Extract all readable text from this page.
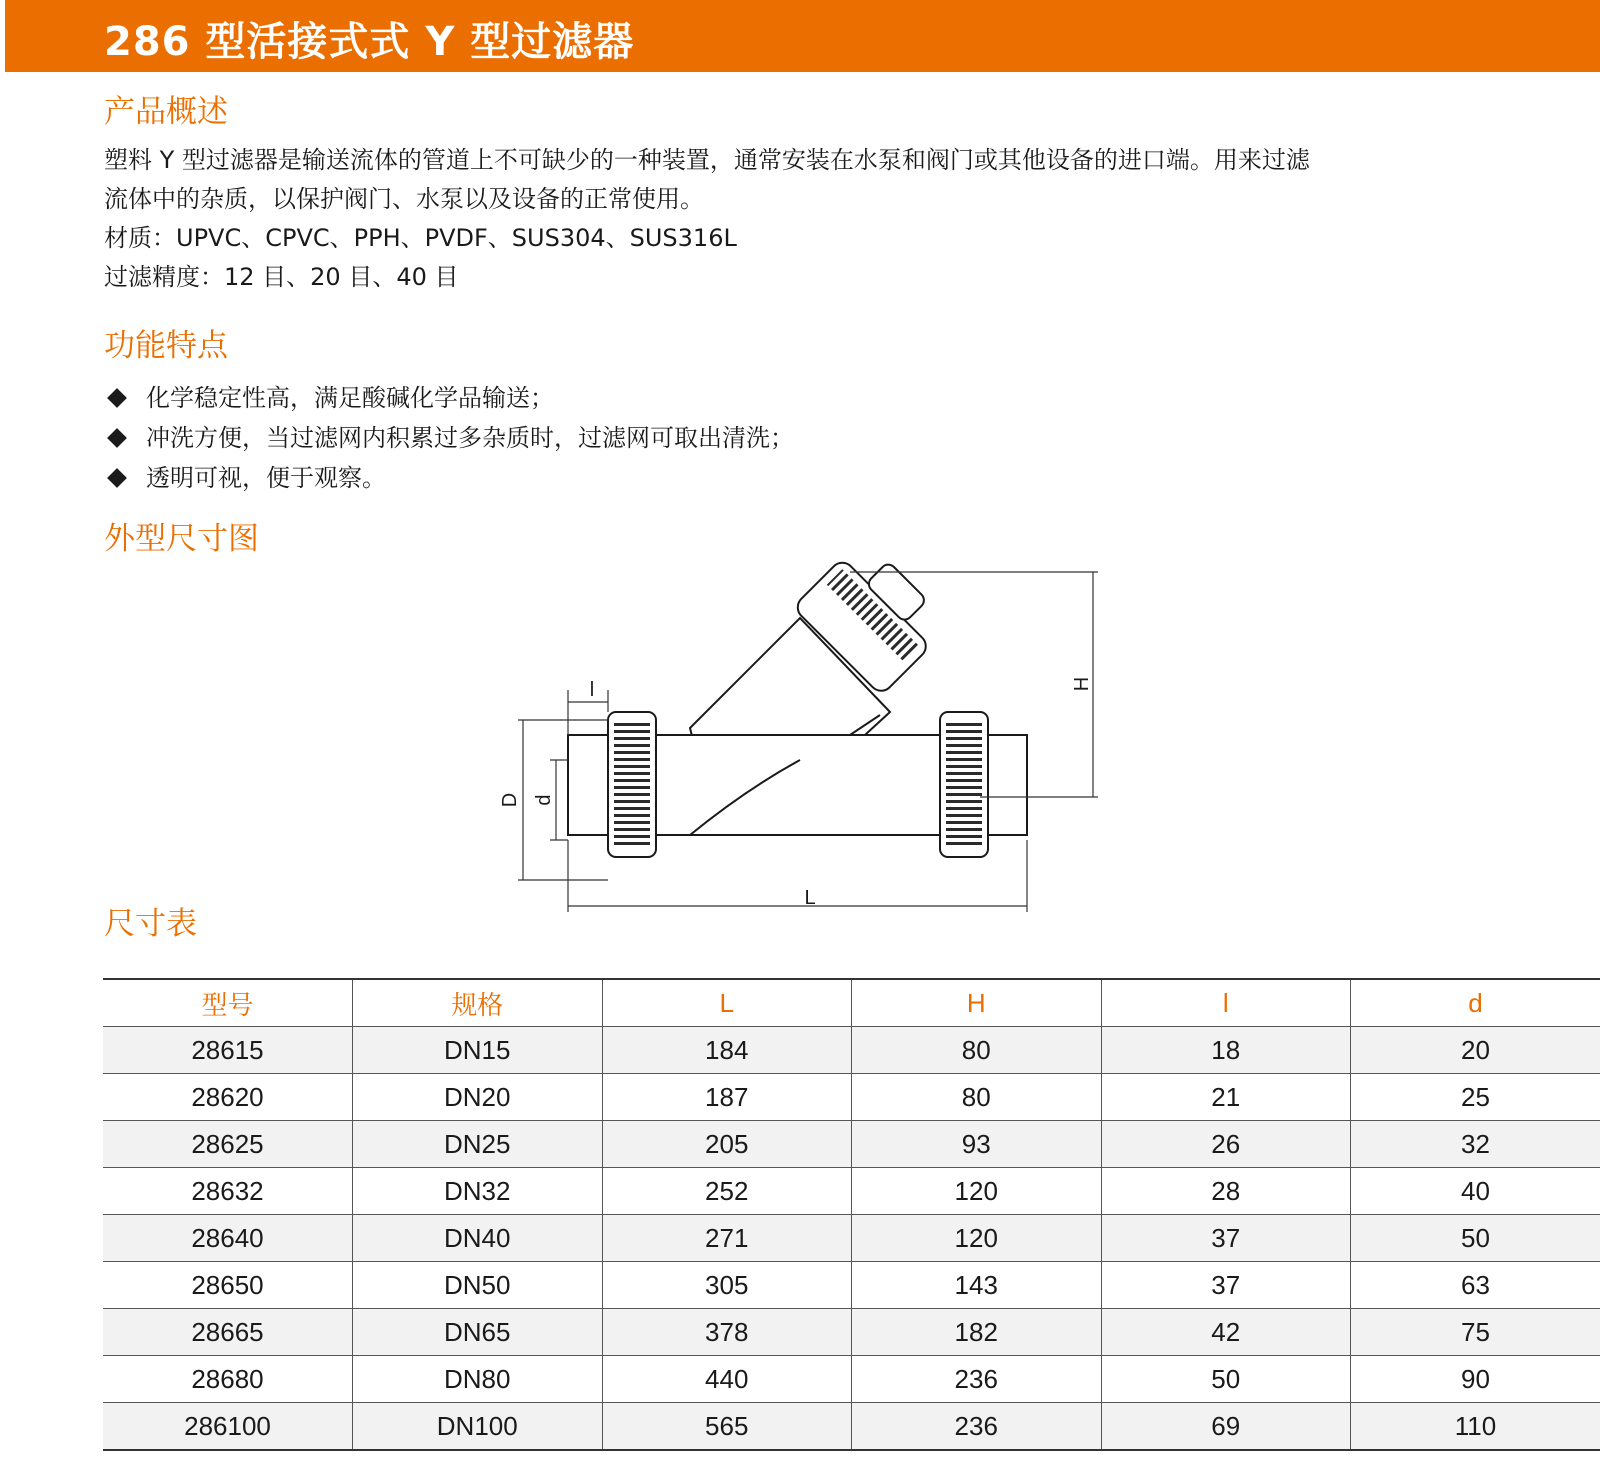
286 型活接式式 Y 型过滤器
产品概述
塑料 Y 型过滤器是输送流体的管道上不可缺少的一种装置，通常安装在水泵和阀门或其他设备的进口端。用来过滤
流体中的杂质，以保护阀门、水泵以及设备的正常使用。
材质：UPVC、CPVC、PPH、PVDF、SUS304、SUS316L
过滤精度：12 目、20 目、40 目
功能特点
化学稳定性高，满足酸碱化学品输送；
冲洗方便，当过滤网内积累过多杂质时，过滤网可取出清洗；
透明可视，便于观察。
外型尺寸图
l
D d
H
L
尺寸表
型号	规格	L	H	l	d
28615	DN15	184	80	18	20
28620	DN20	187	80	21	25
28625	DN25	205	93	26	32
28632	DN32	252	120	28	40
28640	DN40	271	120	37	50
28650	DN50	305	143	37	63
28665	DN65	378	182	42	75
28680	DN80	440	236	50	90
286100	DN100	565	236	69	110
